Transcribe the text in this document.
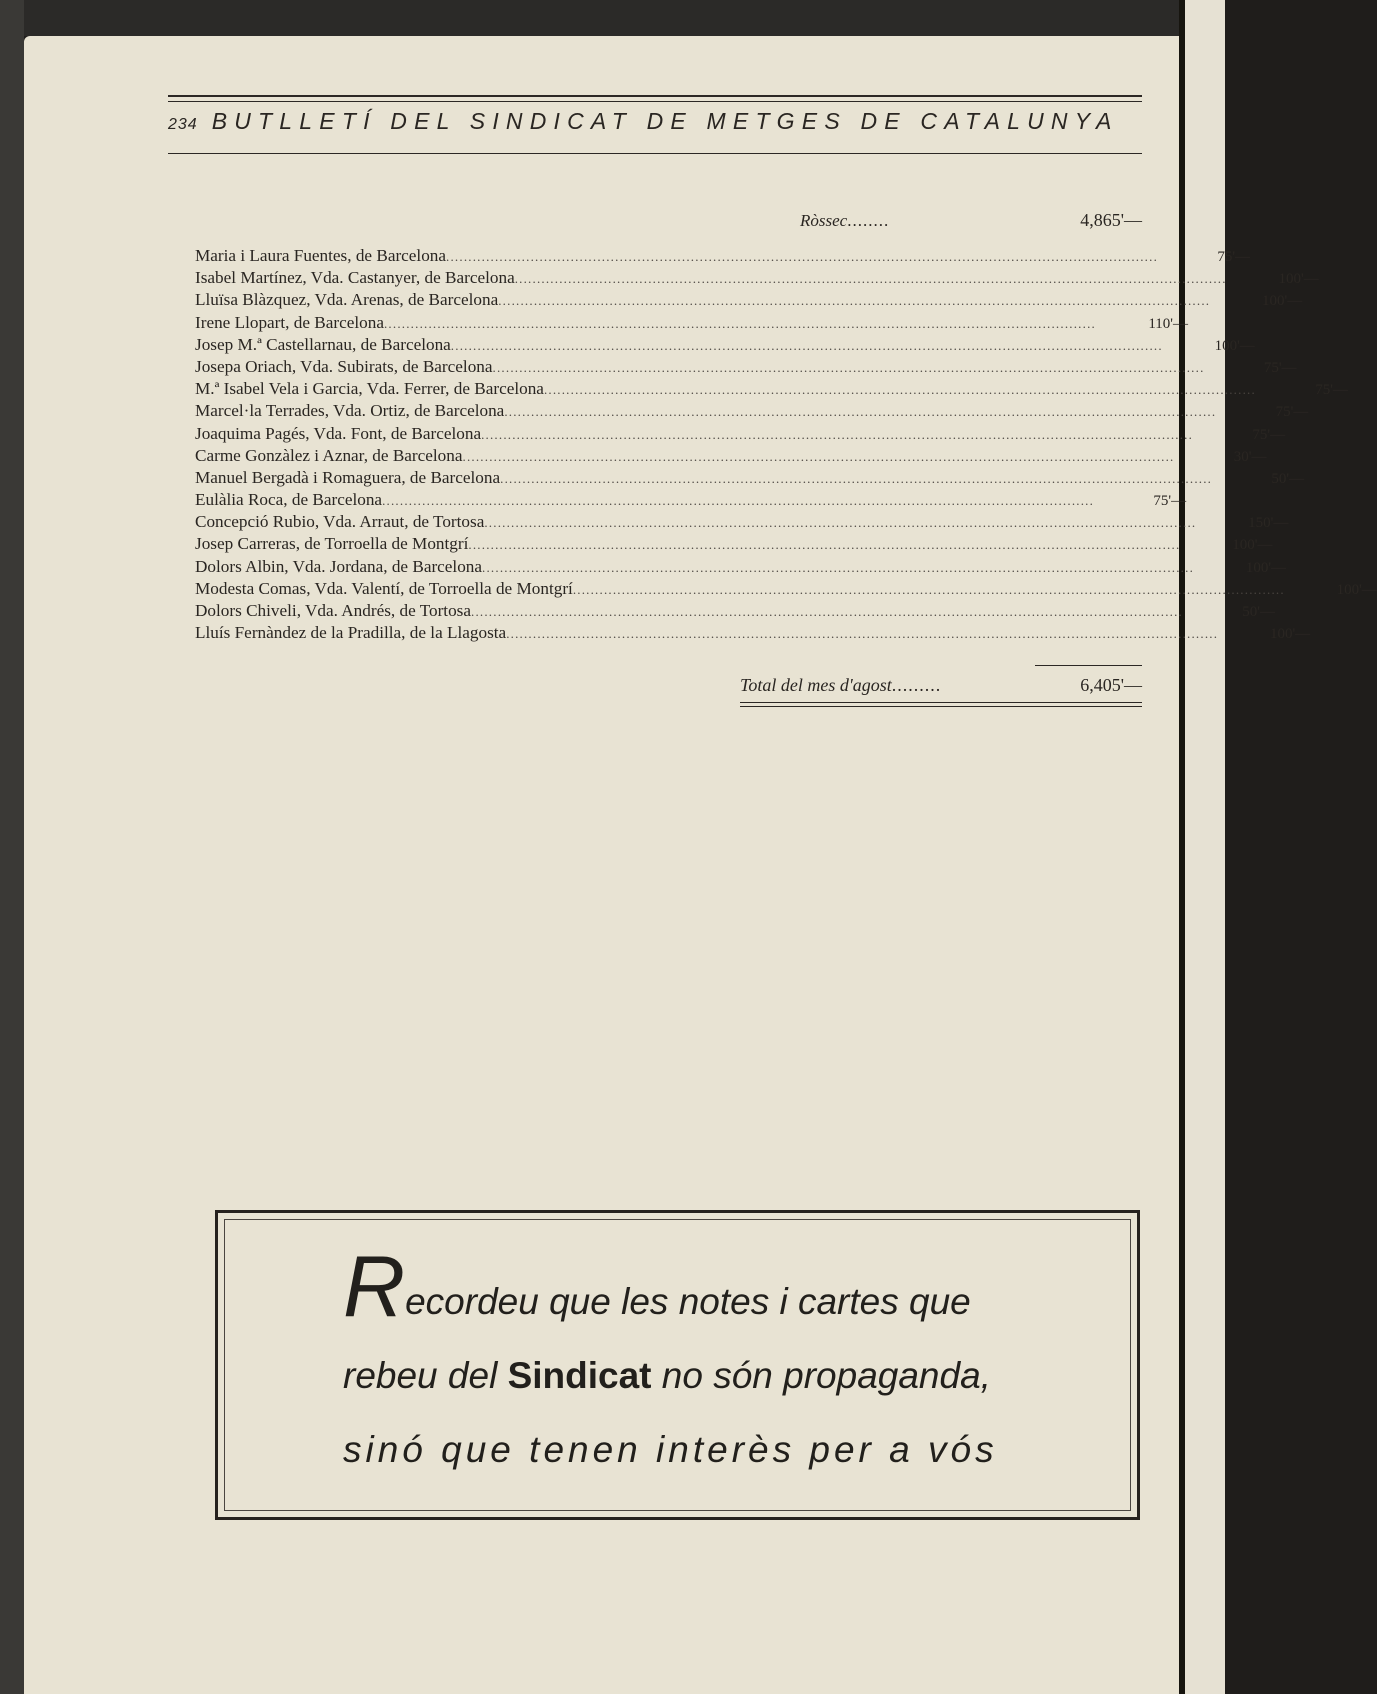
234 BUTLLETÍ DEL SINDICAT DE METGES DE CATALUNYA
Ròssec ........	4,865'—
Maria i Laura Fuentes, de Barcelona ................................................................................................................................................................	75'—
Isabel Martínez, Vda. Castanyer, de Barcelona ................................................................................................................................................................	100'—
Lluïsa Blàzquez, Vda. Arenas, de Barcelona ................................................................................................................................................................	100'—
Irene Llopart, de Barcelona ................................................................................................................................................................	110'—
Josep M.ª Castellarnau, de Barcelona ................................................................................................................................................................	100'—
Josepa Oriach, Vda. Subirats, de Barcelona ................................................................................................................................................................	75'—
M.ª Isabel Vela i Garcia, Vda. Ferrer, de Barcelona ................................................................................................................................................................	75'—
Marcel·la Terrades, Vda. Ortiz, de Barcelona ................................................................................................................................................................	75'—
Joaquima Pagés, Vda. Font, de Barcelona ................................................................................................................................................................	75'—
Carme Gonzàlez i Aznar, de Barcelona ................................................................................................................................................................	30'—
Manuel Bergadà i Romaguera, de Barcelona ................................................................................................................................................................	50'—
Eulàlia Roca, de Barcelona ................................................................................................................................................................	75'—
Concepció Rubio, Vda. Arraut, de Tortosa ................................................................................................................................................................	150'—
Josep Carreras, de Torroella de Montgrí ................................................................................................................................................................	100'—
Dolors Albin, Vda. Jordana, de Barcelona ................................................................................................................................................................	100'—
Modesta Comas, Vda. Valentí, de Torroella de Montgrí ................................................................................................................................................................	100'—
Dolors Chiveli, Vda. Andrés, de Tortosa ................................................................................................................................................................	50'—
Lluís Fernàndez de la Pradilla, de la Llagosta ................................................................................................................................................................	100'—
Total del mes d'agost .........	6,405'—
Recordeu que les notes i cartes que
rebeu del Sindicat no són propaganda,
sinó que tenen interès per a vós
